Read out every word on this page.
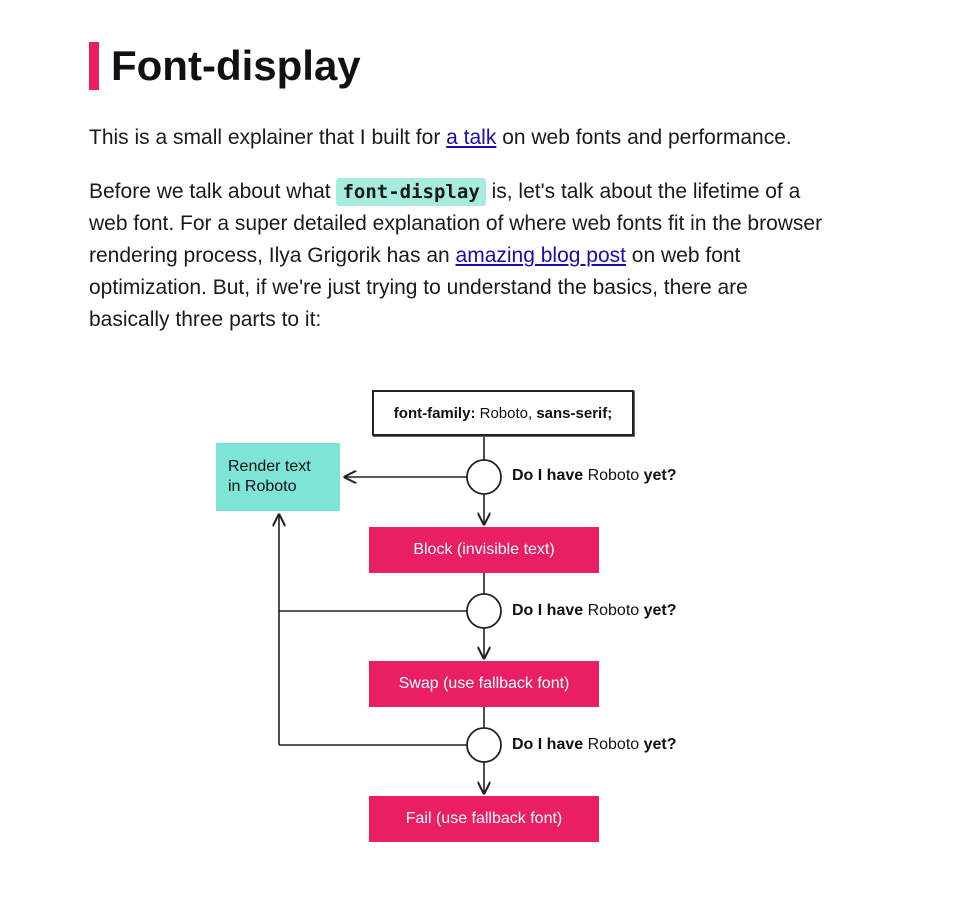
Font-display

This is a small explainer that I built for a talk on web fonts and performance.

Before we talk about what font-display is, let's talk about the lifetime of a web font. For a super detailed explanation of where web fonts fit in the browser rendering process, Ilya Grigorik has an amazing blog post on web font optimization. But, if we're just trying to understand the basics, there are basically three parts to it:

font-family: Roboto, sans-serif;
Render text
in Roboto
Do I have Roboto yet?
Block (invisible text)
Do I have Roboto yet?
Swap (use fallback font)
Do I have Roboto yet?
Fail (use fallback font)
